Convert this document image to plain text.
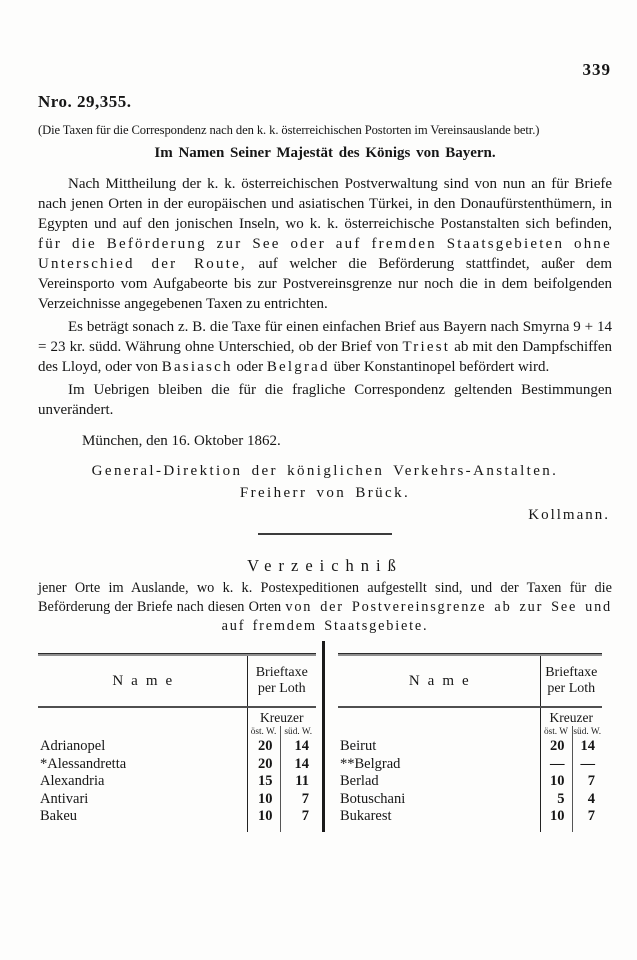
339
Nro. 29,355.
(Die Taxen für die Correspondenz nach den k. k. österreichischen Postorten im Vereinsauslande betr.)
Im Namen Seiner Majestät des Königs von Bayern.

Nach Mittheilung der k. k. österreichischen Postverwaltung sind von nun an für Briefe nach jenen Orten in der europäischen und asiatischen Türkei, in den Donaufürstenthümern, in Egypten und auf den jonischen Inseln, wo k. k. österreichische Postanstalten sich befinden, für die Beförderung zur See oder auf fremden Staatsgebieten ohne Unterschied der Route, auf welcher die Beförderung stattfindet, außer dem Vereinsporto vom Aufgabeorte bis zur Postvereinsgrenze nur noch die in dem beifolgenden Verzeichnisse angegebenen Taxen zu entrichten.

Es beträgt sonach z. B. die Taxe für einen einfachen Brief aus Bayern nach Smyrna 9 + 14 = 23 kr. südd. Währung ohne Unterschied, ob der Brief von Triest ab mit den Dampfschiffen des Lloyd, oder von Basiasch oder Belgrad über Konstantinopel befördert wird.

Im Uebrigen bleiben die für die fragliche Correspondenz geltenden Bestimmungen unverändert.

München, den 16. Oktober 1862.
General-Direktion der königlichen Verkehrs-Anstalten.
Freiherr von Brück.
Kollmann.
Verzeichniß
jener Orte im Auslande, wo k. k. Postexpeditionen aufgestellt sind, und der Taxen für die Beförderung der Briefe nach diesen Orten von der Postvereinsgrenze ab zur See und auf fremdem Staatsgebiete.
Name	Brieftaxe
per Loth	

	Kreuzer	
	öst. W.	süd. W.
Adrianopel	20	14
*Alessandretta	20	14
Alexandria	15	11
Antivari	10	7
Bakeu	10	7

Name	Brieftaxe
per Loth	

	Kreuzer	
	öst. W	süd. W.
Beirut	20	14
**Belgrad	—	—
Berlad	10	7
Botuschani	5	4
Bukarest	10	7
